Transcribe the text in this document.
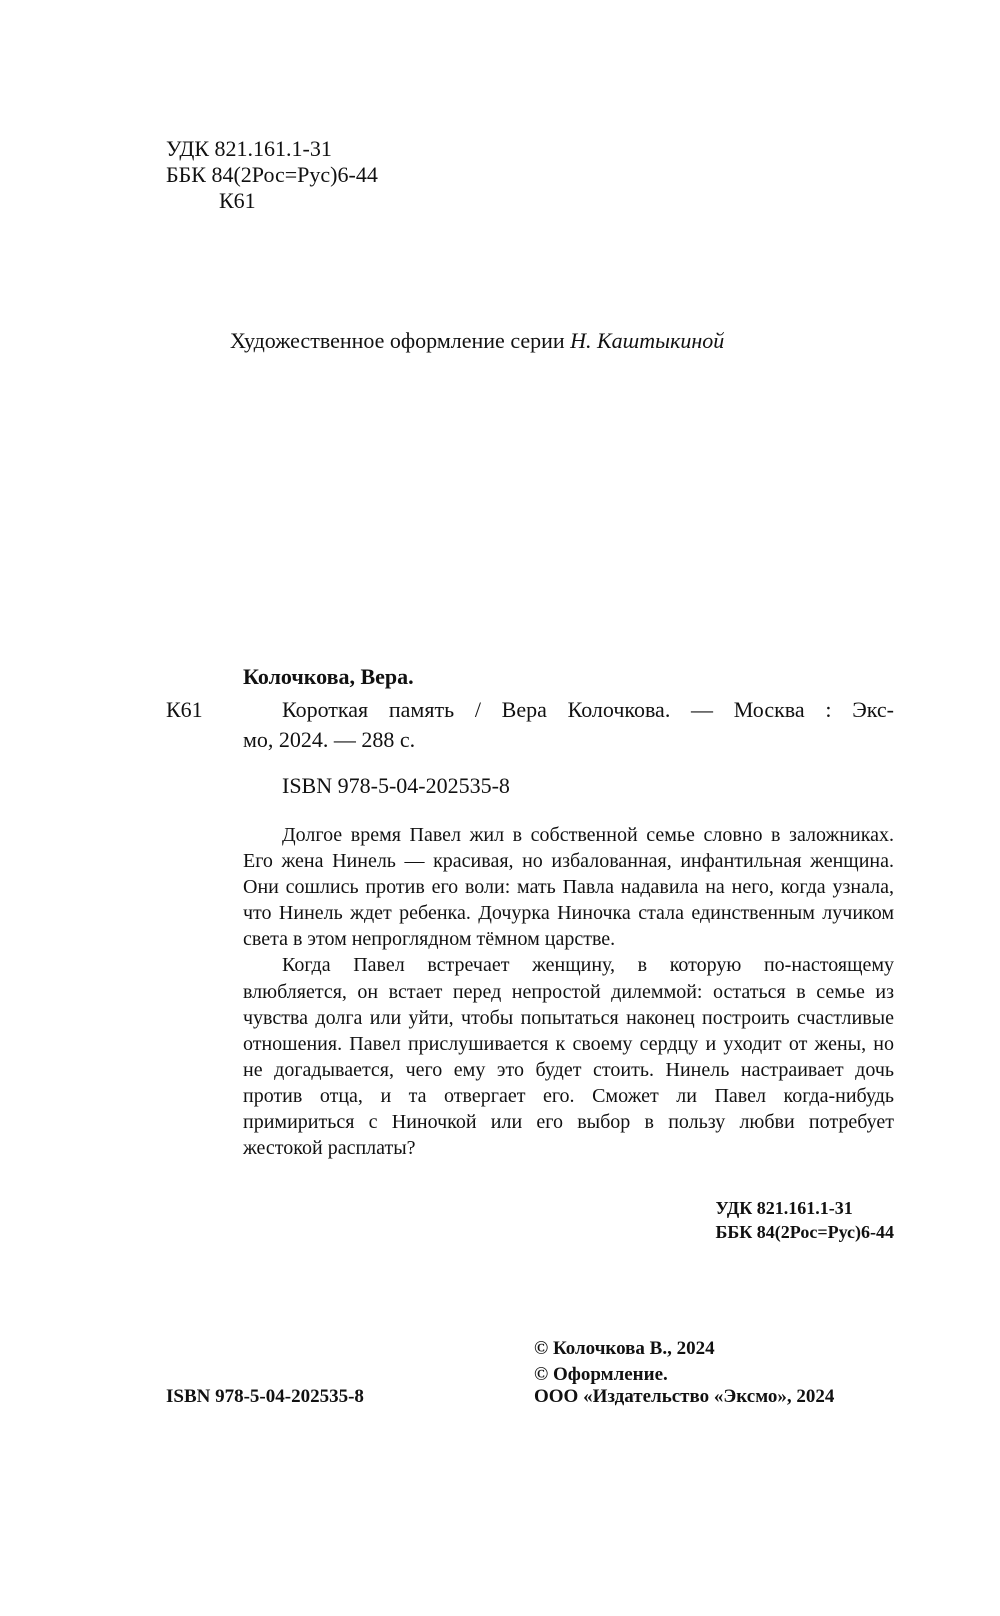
УДК 821.161.1-31
ББК 84(2Рос=Рус)6-44
К61
Художественное оформление серии Н. Каштыкиной
Колочкова, Вера.
К61	Короткая память / Вера Колочкова. — Москва : Экс-
мо, 2024. — 288 с.
ISBN 978-5-04-202535-8

Долгое время Павел жил в собственной семье словно в заложниках. Его жена Нинель — красивая, но избалованная, инфантильная женщина. Они сошлись против его воли: мать Павла надавила на него, когда узнала, что Нинель ждет ребенка. Дочурка Ниночка стала единственным лучиком света в этом непроглядном тёмном царстве.

Когда Павел встречает женщину, в которую по-настоящему влюбляется, он встает перед непростой дилеммой: остаться в семье из чувства долга или уйти, чтобы попытаться наконец построить счастливые отношения. Павел прислушивается к своему сердцу и уходит от жены, но не догадывается, чего ему это будет стоить. Нинель настраивает дочь против отца, и та отвергает его. Сможет ли Павел когда-нибудь примириться с Ниночкой или его выбор в пользу любви потребует жестокой расплаты?

УДК 821.161.1-31
ББК 84(2Рос=Рус)6-44
© Колочкова В., 2024
© Оформление.
ООО «Издательство «Эксмо», 2024
ISBN 978-5-04-202535-8
